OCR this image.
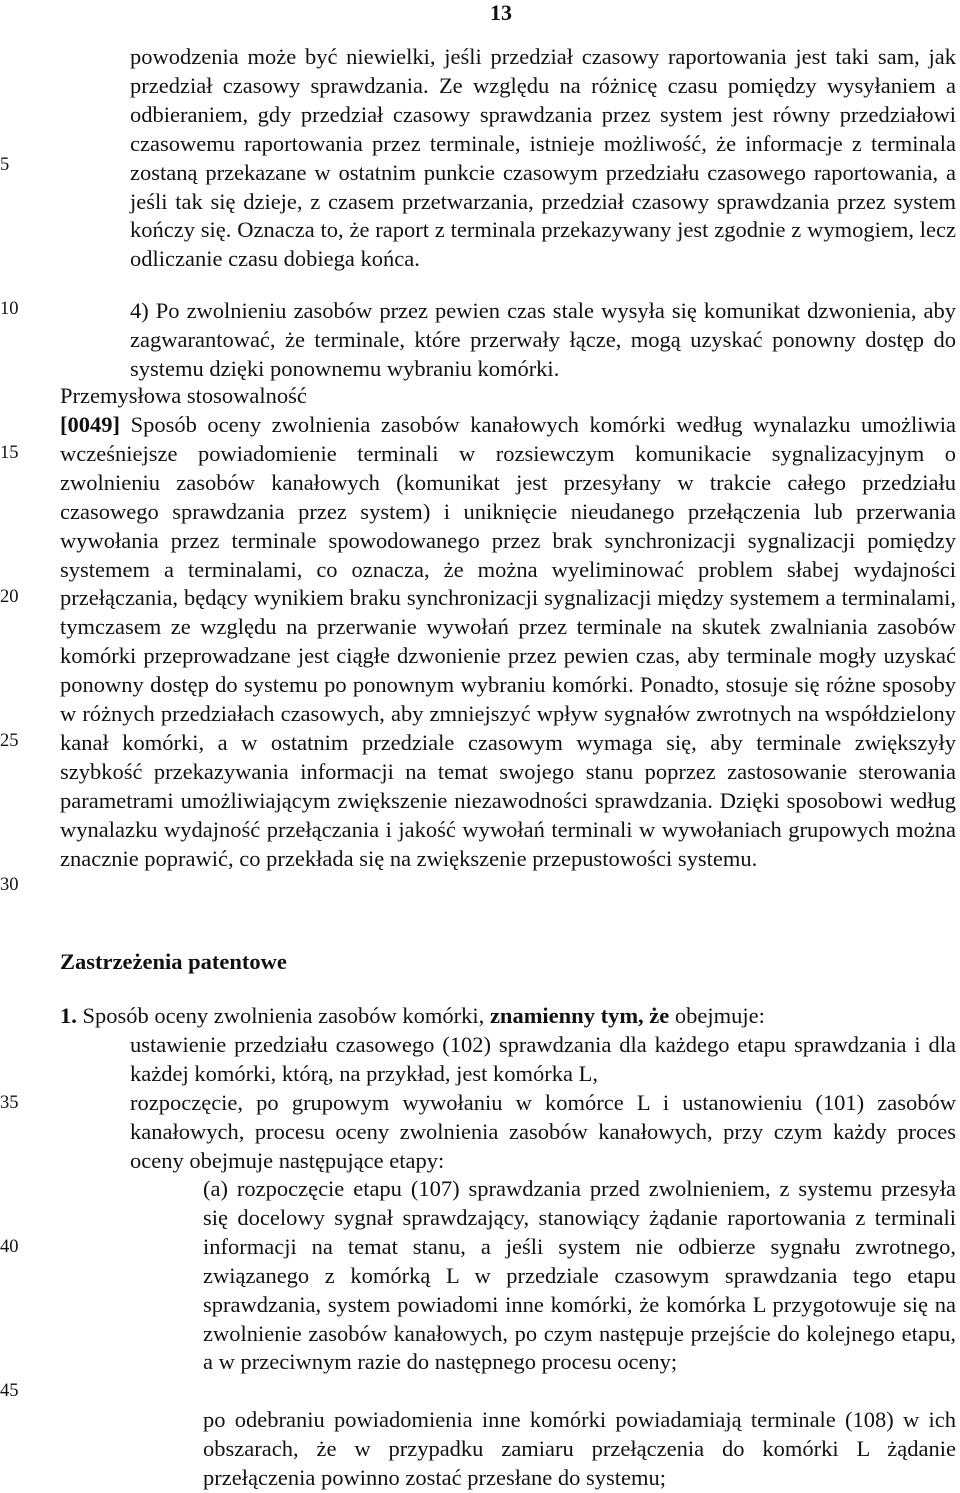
13
5
10
15
20
25
30
35
40
45
powodzenia może być niewielki, jeśli przedział czasowy raportowania jest taki sam, jak przedział czasowy sprawdzania. Ze względu na różnicę czasu pomiędzy wysyłaniem a odbieraniem, gdy przedział czasowy sprawdzania przez system jest równy przedziałowi czasowemu raportowania przez terminale, istnieje możliwość, że informacje z terminala zostaną przekazane w ostatnim punkcie czasowym przedziału czasowego raportowania, a jeśli tak się dzieje, z czasem przetwarzania, przedział czasowy sprawdzania przez system kończy się. Oznacza to, że raport z terminala przekazywany jest zgodnie z wymogiem, lecz odliczanie czasu dobiega końca.
4) Po zwolnieniu zasobów przez pewien czas stale wysyła się komunikat dzwonienia, aby zagwarantować, że terminale, które przerwały łącze, mogą uzyskać ponowny dostęp do systemu dzięki ponownemu wybraniu komórki.
Przemysłowa stosowalność
[0049] Sposób oceny zwolnienia zasobów kanałowych komórki według wynalazku umożliwia wcześniejsze powiadomienie terminali w rozsiewczym komunikacie sygnalizacyjnym o zwolnieniu zasobów kanałowych (komunikat jest przesyłany w trakcie całego przedziału czasowego sprawdzania przez system) i uniknięcie nieudanego przełączenia lub przerwania wywołania przez terminale spowodowanego przez brak synchronizacji sygnalizacji pomiędzy systemem a terminalami, co oznacza, że można wyeliminować problem słabej wydajności przełączania, będący wynikiem braku synchronizacji sygnalizacji między systemem a terminalami, tymczasem ze względu na przerwanie wywołań przez terminale na skutek zwalniania zasobów komórki przeprowadzane jest ciągłe dzwonienie przez pewien czas, aby terminale mogły uzyskać ponowny dostęp do systemu po ponownym wybraniu komórki. Ponadto, stosuje się różne sposoby w różnych przedziałach czasowych, aby zmniejszyć wpływ sygnałów zwrotnych na współdzielony kanał komórki, a w ostatnim przedziale czasowym wymaga się, aby terminale zwiększyły szybkość przekazywania informacji na temat swojego stanu poprzez zastosowanie sterowania parametrami umożliwiającym zwiększenie niezawodności sprawdzania. Dzięki sposobowi według wynalazku wydajność przełączania i jakość wywołań terminali w wywołaniach grupowych można znacznie poprawić, co przekłada się na zwiększenie przepustowości systemu.
Zastrzeżenia patentowe
1. Sposób oceny zwolnienia zasobów komórki, znamienny tym, że obejmuje:
ustawienie przedziału czasowego (102) sprawdzania dla każdego etapu sprawdzania i dla każdej komórki, którą, na przykład, jest komórka L,
rozpoczęcie, po grupowym wywołaniu w komórce L i ustanowieniu (101) zasobów kanałowych, procesu oceny zwolnienia zasobów kanałowych, przy czym każdy proces oceny obejmuje następujące etapy:
(a) rozpoczęcie etapu (107) sprawdzania przed zwolnieniem, z systemu przesyła się docelowy sygnał sprawdzający, stanowiący żądanie raportowania z terminali informacji na temat stanu, a jeśli system nie odbierze sygnału zwrotnego, związanego z komórką L w przedziale czasowym sprawdzania tego etapu sprawdzania, system powiadomi inne komórki, że komórka L przygotowuje się na zwolnienie zasobów kanałowych, po czym następuje przejście do kolejnego etapu, a w przeciwnym razie do następnego procesu oceny;
po odebraniu powiadomienia inne komórki powiadamiają terminale (108) w ich obszarach, że w przypadku zamiaru przełączenia do komórki L żądanie przełączenia powinno zostać przesłane do systemu;
